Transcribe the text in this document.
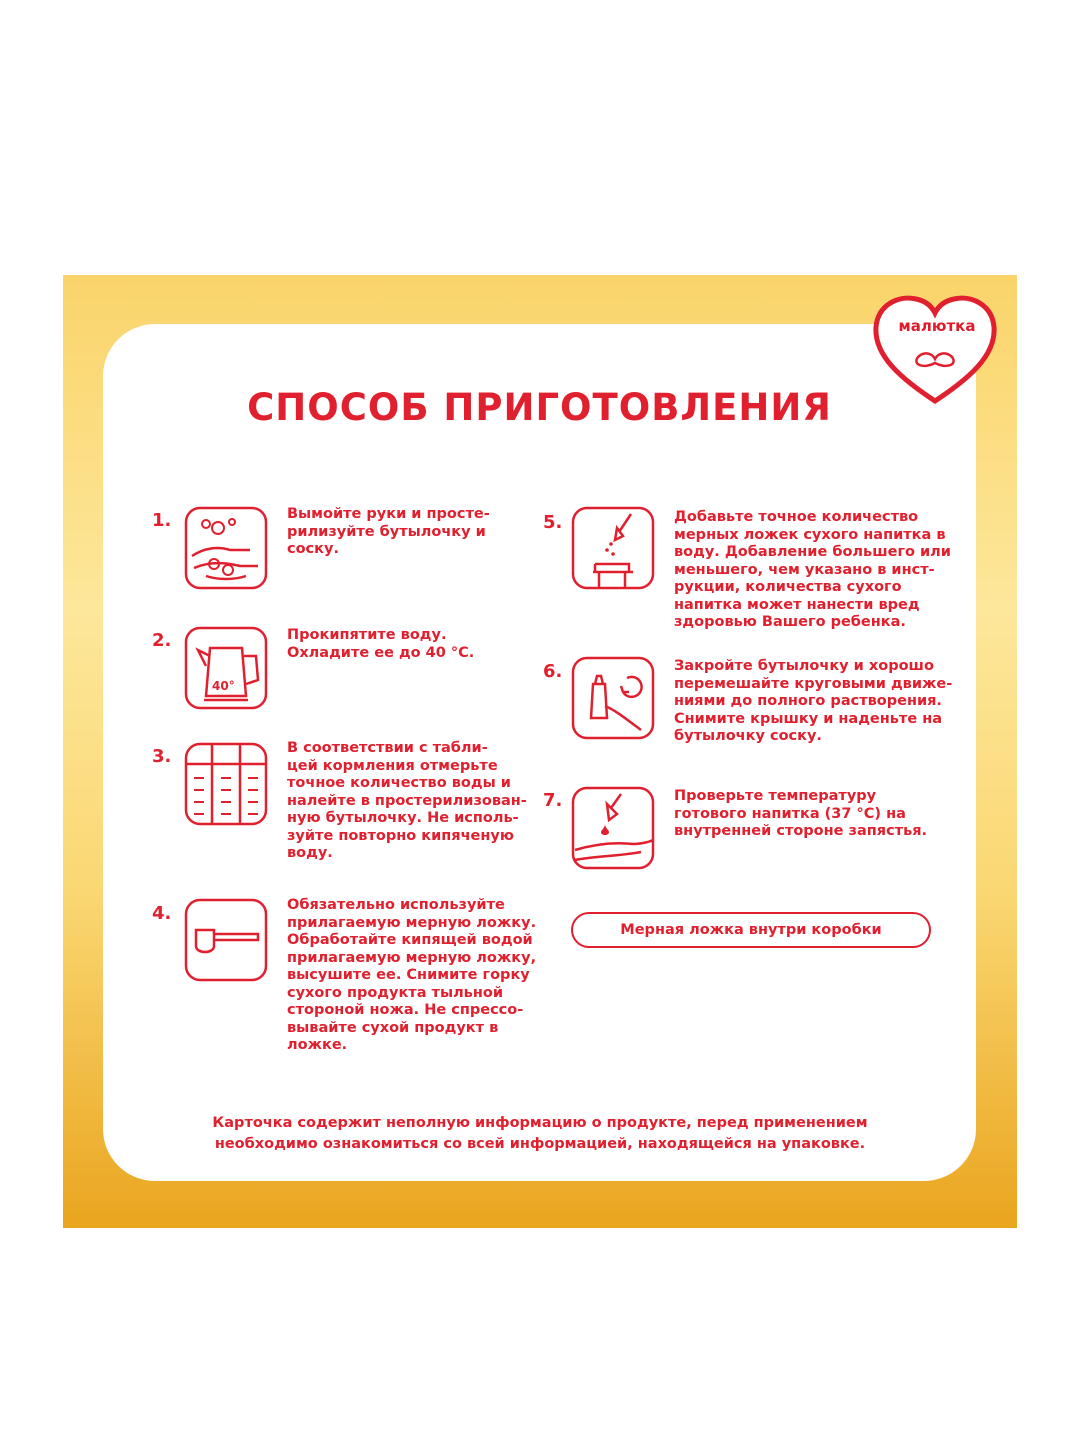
малютка
СПОСОБ ПРИГОТОВЛЕНИЯ
1.	Вымойте руки и просте-
рилизуйте бутылочку и
соску.
2.
40°
Прокипятите воду.
Охладите ее до 40 °С.
3.	В соответствии с табли-
цей кормления отмерьте
точное количество воды и
налейте в простерилизован-
ную бутылочку. Не исполь-
зуйте повторно кипяченую
воду.
4.	Обязательно используйте
прилагаемую мерную ложку.
Обработайте кипящей водой
прилагаемую мерную ложку,
высушите ее. Снимите горку
сухого продукта тыльной
стороной ножа. Не спрессо-
вывайте сухой продукт в
ложке.
5.	Добавьте точное количество
мерных ложек сухого напитка в
воду. Добавление большего или
меньшего, чем указано в инст-
рукции, количества сухого
напитка может нанести вред
здоровью Вашего ребенка.
6.	Закройте бутылочку и хорошо
перемешайте круговыми движе-
ниями до полного растворения.
Снимите крышку и наденьте на
бутылочку соску.
7.	Проверьте температуру
готового напитка (37 °С) на
внутренней стороне запястья.
Мерная ложка внутри коробки
Карточка содержит неполную информацию о продукте, перед применением
необходимо ознакомиться со всей информацией, находящейся на упаковке.
